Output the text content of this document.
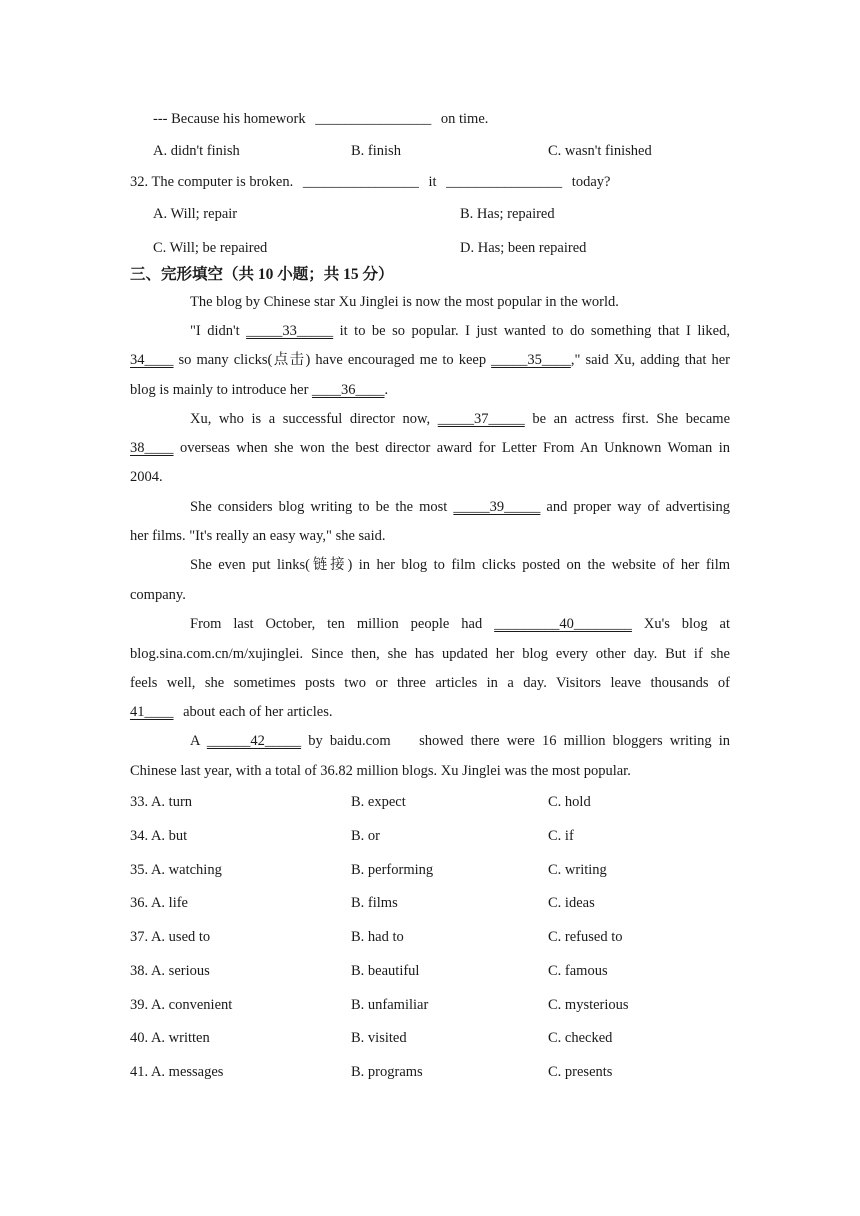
--- Because his homework ________________ on time.
A. didn't finish	B. finish	C. wasn't finished
32. The computer is broken. ________________ it ________________ today?
A. Will; repair	B. Has; repaired
C. Will; be repaired	D. Has; been repaired
三、完形填空（共 10 小题；共 15 分）
The blog by Chinese star Xu Jinglei is now the most popular in the world.
"I didn't _____33_____ it to be so popular. I just wanted to do something that I liked,
34____ so many clicks(点击) have encouraged me to keep _____35____," said Xu, adding that her
blog is mainly to introduce her ____36____.
Xu, who is a successful director now, _____37_____ be an actress first. She became
38____ overseas when she won the best director award for Letter From An Unknown Woman in
2004.
She considers blog writing to be the most _____39_____ and proper way of advertising
her films. "It's really an easy way," she said.
She even put links(链接) in her blog to film clicks posted on the website of her film
company.
From last October, ten million people had _________40________ Xu's blog at
blog.sina.com.cn/m/xujinglei. Since then, she has updated her blog every other day. But if she
feels well, she sometimes posts two or three articles in a day. Visitors leave thousands of
41____ about each of her articles.
A ______42_____ by baidu.com    showed there were 16 million bloggers writing in
Chinese last year, with a total of 36.82 million blogs. Xu Jinglei was the most popular.
33. A. turn	B. expect	C. hold
34. A. but	B. or	C. if
35. A. watching	B. performing	C. writing
36. A. life	B. films	C. ideas
37. A. used to	B. had to	C. refused to
38. A. serious	B. beautiful	C. famous
39. A. convenient	B. unfamiliar	C. mysterious
40. A. written	B. visited	C. checked
41. A. messages	B. programs	C. presents
